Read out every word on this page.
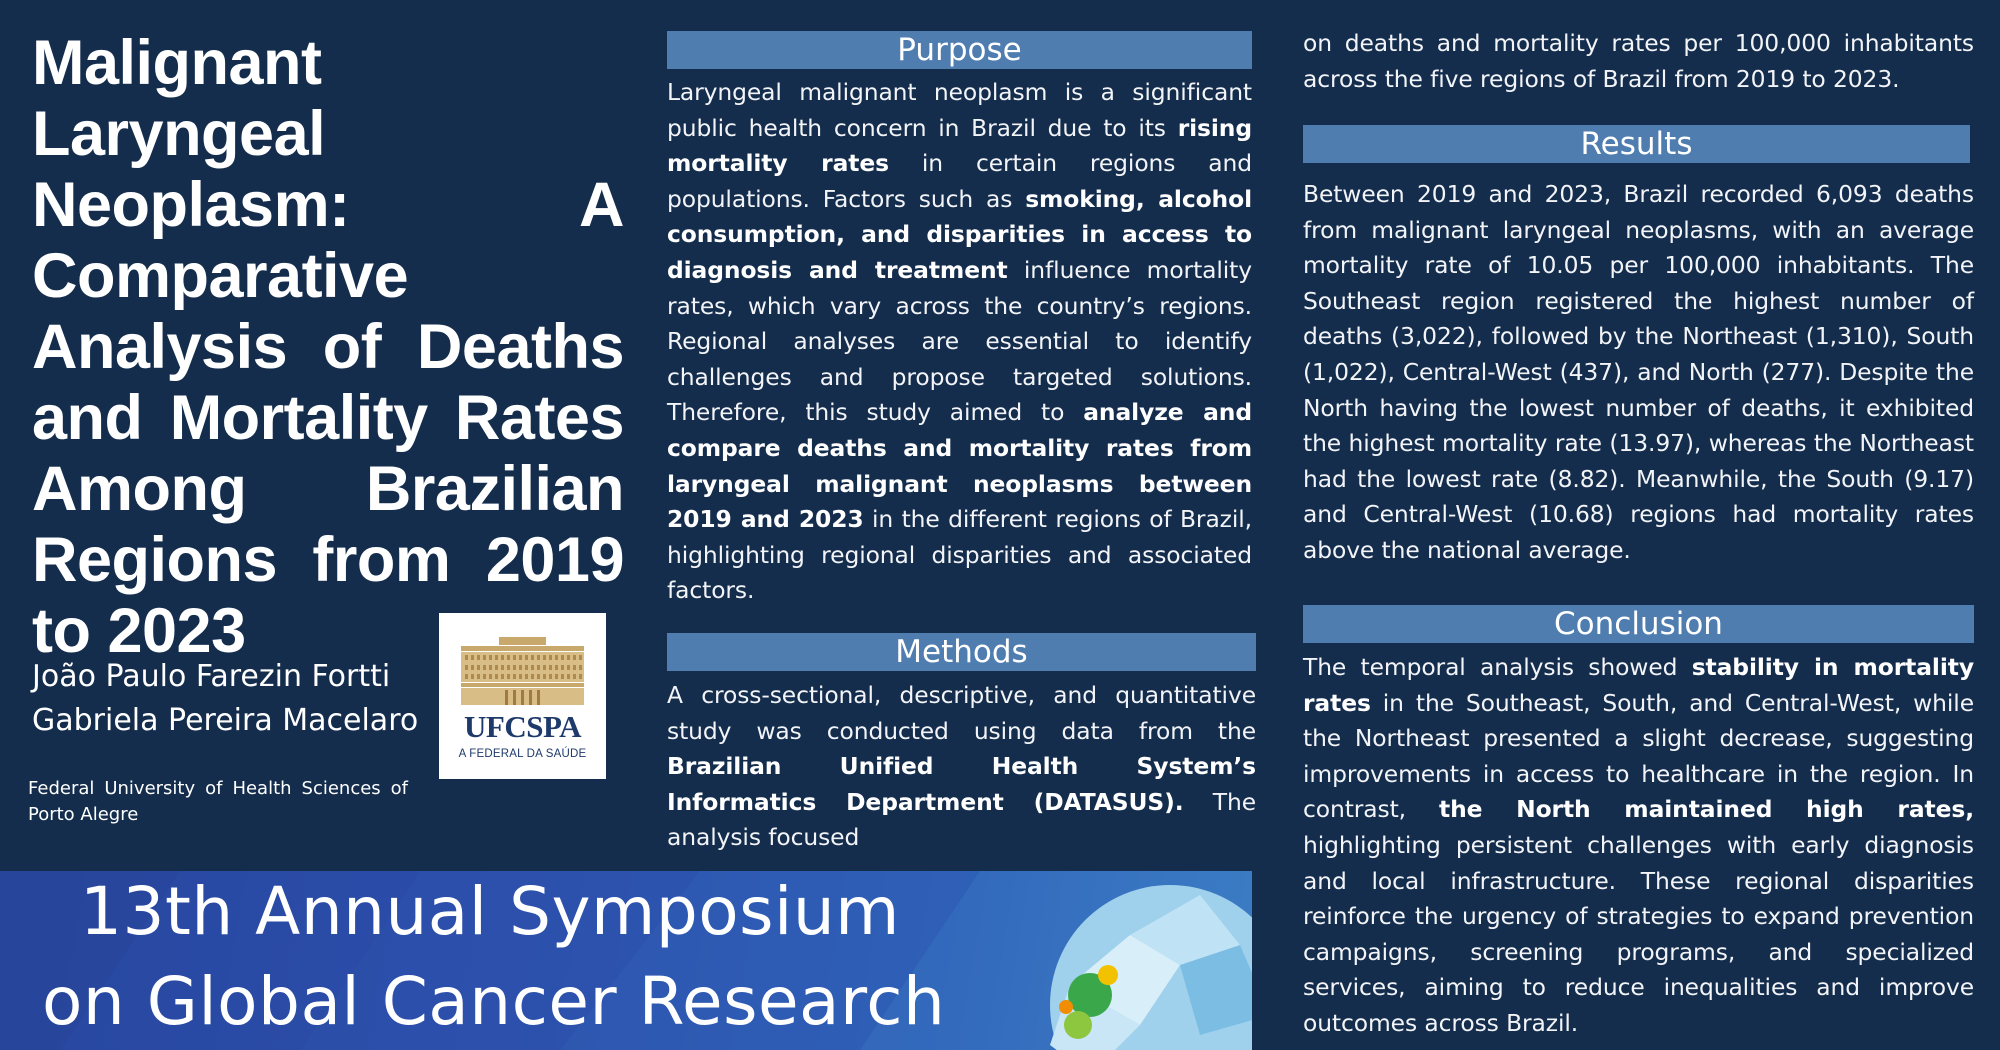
Malignant Laryngeal Neoplasm: A Comparative Analysis of Deaths and Mortality Rates Among Brazilian Regions from 2019 to 2023
João Paulo Farezin Fortti
Gabriela Pereira Macelaro
Federal University of Health Sciences of Porto Alegre
UFCSPA
A FEDERAL DA SAÚDE
Purpose
Laryngeal malignant neoplasm is a significant public health concern in Brazil due to its rising mortality rates in certain regions and populations. Factors such as smoking, alcohol consumption, and disparities in access to diagnosis and treatment influence mortality rates, which vary across the country’s regions. Regional analyses are essential to identify challenges and propose targeted solutions. Therefore, this study aimed to analyze and compare deaths and mortality rates from laryngeal malignant neoplasms between 2019 and 2023 in the different regions of Brazil, highlighting regional disparities and associated factors.
Methods
A cross-sectional, descriptive, and quantitative study was conducted using data from the Brazilian Unified Health System’s Informatics Department (DATASUS). The analysis focused
13th Annual Symposium
on Global Cancer Research
on deaths and mortality rates per 100,000 inhabitants across the five regions of Brazil from 2019 to 2023.
Results
Between 2019 and 2023, Brazil recorded 6,093 deaths from malignant laryngeal neoplasms, with an average mortality rate of 10.05 per 100,000 inhabitants. The Southeast region registered the highest number of deaths (3,022), followed by the Northeast (1,310), South (1,022), Central-West (437), and North (277). Despite the North having the lowest number of deaths, it exhibited the highest mortality rate (13.97), whereas the Northeast had the lowest rate (8.82). Meanwhile, the South (9.17) and Central-West (10.68) regions had mortality rates above the national average.
Conclusion
The temporal analysis showed stability in mortality rates in the Southeast, South, and Central-West, while the Northeast presented a slight decrease, suggesting improvements in access to healthcare in the region. In contrast, the North maintained high rates, highlighting persistent challenges with early diagnosis and local infrastructure. These regional disparities reinforce the urgency of strategies to expand prevention campaigns, screening programs, and specialized services, aiming to reduce inequalities and improve outcomes across Brazil.
